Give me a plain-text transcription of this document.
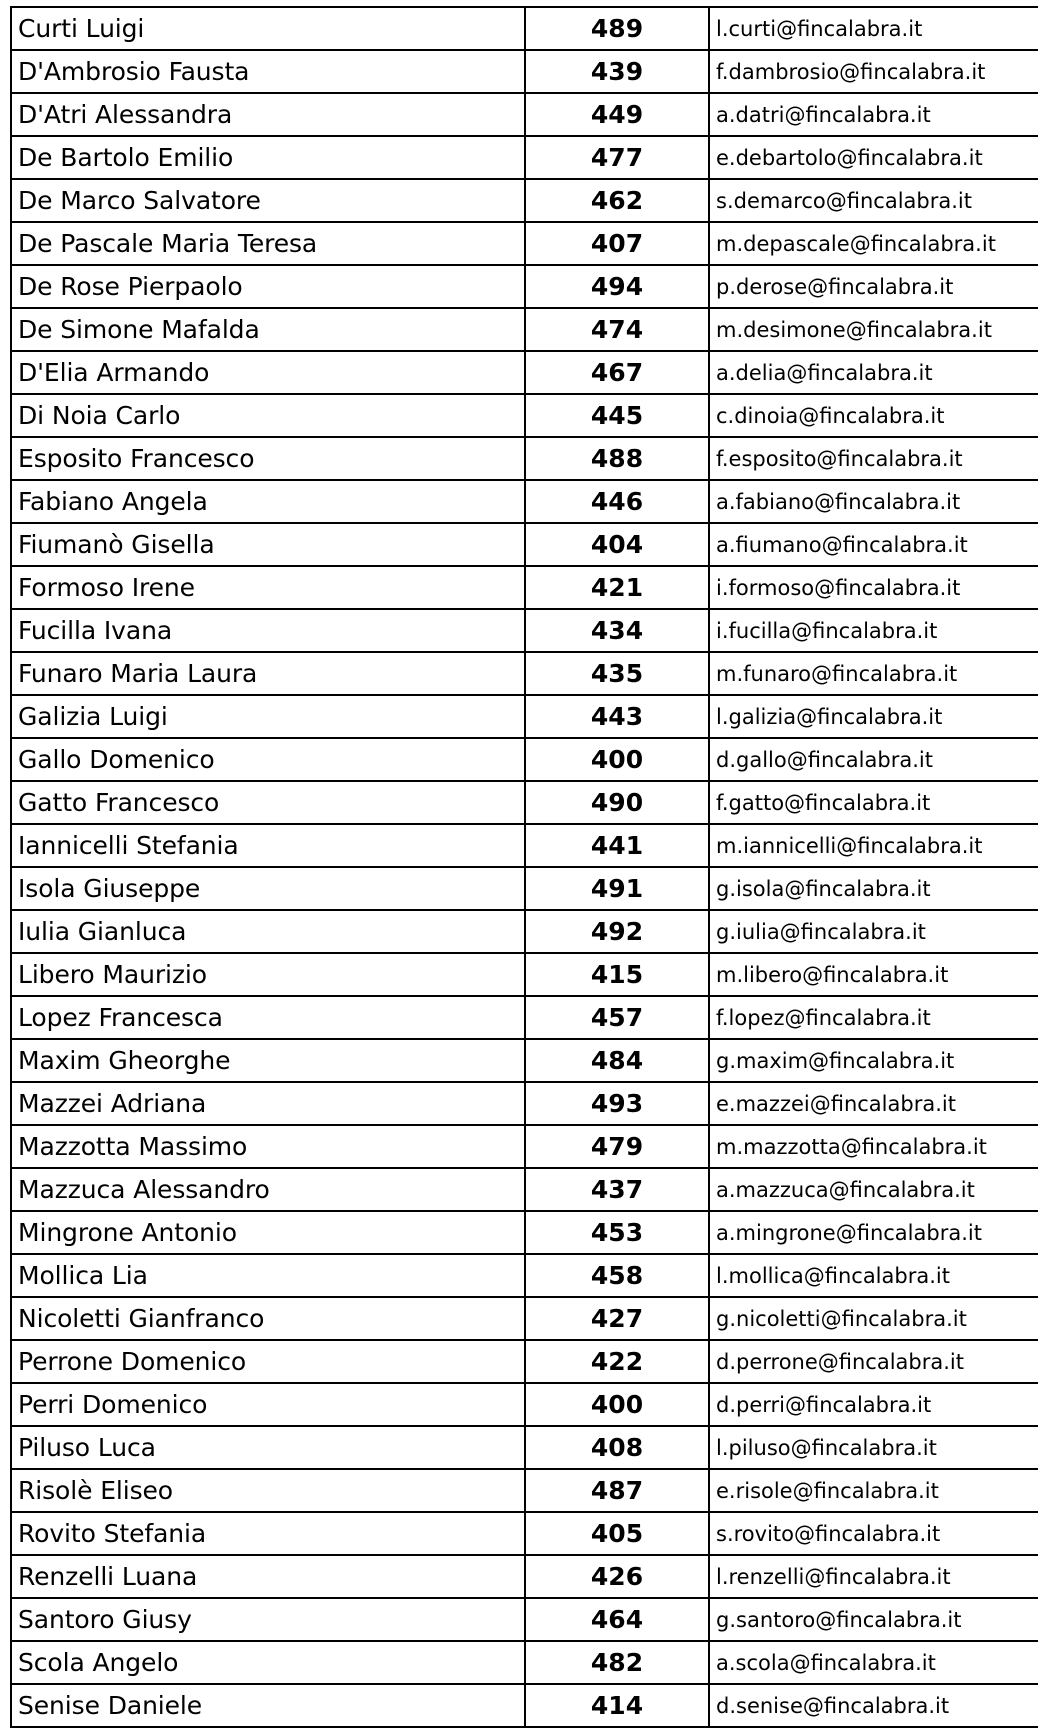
Curti Luigi	489	l.curti@fincalabra.it
D'Ambrosio Fausta	439	f.dambrosio@fincalabra.it
D'Atri Alessandra	449	a.datri@fincalabra.it
De Bartolo Emilio	477	e.debartolo@fincalabra.it
De Marco Salvatore	462	s.demarco@fincalabra.it
De Pascale Maria Teresa	407	m.depascale@fincalabra.it
De Rose Pierpaolo	494	p.derose@fincalabra.it
De Simone Mafalda	474	m.desimone@fincalabra.it
D'Elia Armando	467	a.delia@fincalabra.it
Di Noia Carlo	445	c.dinoia@fincalabra.it
Esposito Francesco	488	f.esposito@fincalabra.it
Fabiano Angela	446	a.fabiano@fincalabra.it
Fiumanò Gisella	404	a.fiumano@fincalabra.it
Formoso Irene	421	i.formoso@fincalabra.it
Fucilla Ivana	434	i.fucilla@fincalabra.it
Funaro Maria Laura	435	m.funaro@fincalabra.it
Galizia Luigi	443	l.galizia@fincalabra.it
Gallo Domenico	400	d.gallo@fincalabra.it
Gatto Francesco	490	f.gatto@fincalabra.it
Iannicelli Stefania	441	m.iannicelli@fincalabra.it
Isola Giuseppe	491	g.isola@fincalabra.it
Iulia Gianluca	492	g.iulia@fincalabra.it
Libero Maurizio	415	m.libero@fincalabra.it
Lopez Francesca	457	f.lopez@fincalabra.it
Maxim Gheorghe	484	g.maxim@fincalabra.it
Mazzei Adriana	493	e.mazzei@fincalabra.it
Mazzotta Massimo	479	m.mazzotta@fincalabra.it
Mazzuca Alessandro	437	a.mazzuca@fincalabra.it
Mingrone Antonio	453	a.mingrone@fincalabra.it
Mollica Lia	458	l.mollica@fincalabra.it
Nicoletti Gianfranco	427	g.nicoletti@fincalabra.it
Perrone Domenico	422	d.perrone@fincalabra.it
Perri Domenico	400	d.perri@fincalabra.it
Piluso Luca	408	l.piluso@fincalabra.it
Risolè Eliseo	487	e.risole@fincalabra.it
Rovito Stefania	405	s.rovito@fincalabra.it
Renzelli Luana	426	l.renzelli@fincalabra.it
Santoro Giusy	464	g.santoro@fincalabra.it
Scola Angelo	482	a.scola@fincalabra.it
Senise Daniele	414	d.senise@fincalabra.it
